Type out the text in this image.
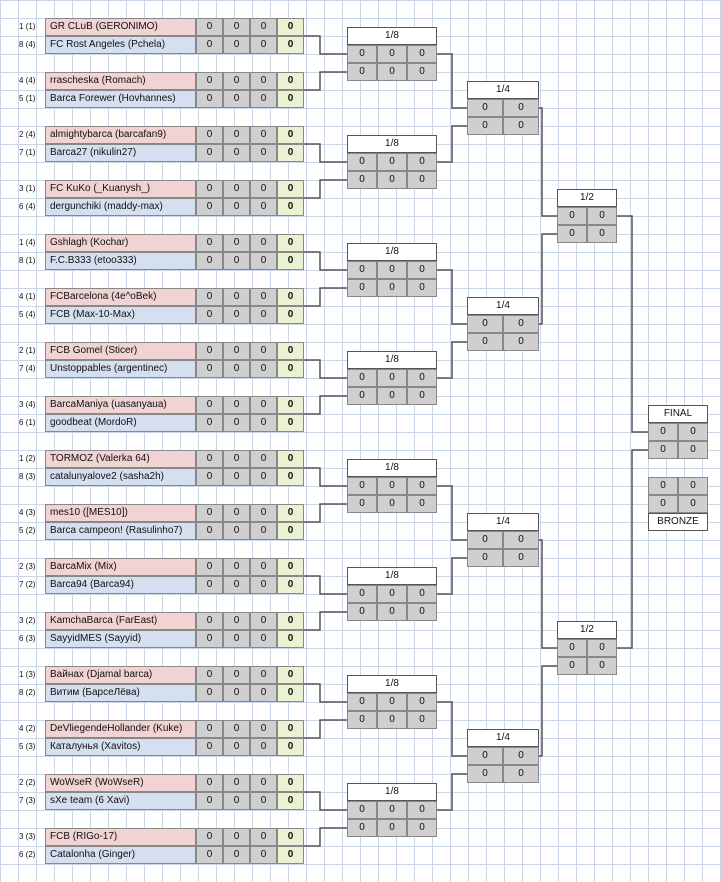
1 (1)	GR CLuB (GERONIMO)	0	0	0	0
8 (4)	FC Rost Angeles (Pchela)	0	0	0	0
4 (4)	rrascheska (Romach)	0	0	0	0
5 (1)	Barca Forewer (Hovhannes)	0	0	0	0
2 (4)	almightybarca (barcafan9)	0	0	0	0
7 (1)	Barca27 (nikulin27)	0	0	0	0
3 (1)	FC KuKo (_Kuanysh_)	0	0	0	0
6 (4)	dergunchiki (maddy-max)	0	0	0	0
1 (4)	Gshlagh (Kochar)	0	0	0	0
8 (1)	F.C.B333 (etoo333)	0	0	0	0
4 (1)	FCBarcelona (4e^oBek)	0	0	0	0
5 (4)	FCB (Max-10-Max)	0	0	0	0
2 (1)	FCB Gomel (Sticer)	0	0	0	0
7 (4)	Unstoppables (argentinec)	0	0	0	0
3 (4)	BarcaManiya (uasanyaua)	0	0	0	0
6 (1)	goodbeat (MordoR)	0	0	0	0
1 (2)	TORMOZ (Valerka 64)	0	0	0	0
8 (3)	catalunyalove2 (sasha2h)	0	0	0	0
4 (3)	mes10 ([MES10])	0	0	0	0
5 (2)	Barca campeon! (Rasulinho7)	0	0	0	0
2 (3)	BarcaMix (Mix)	0	0	0	0
7 (2)	Barca94 (Barca94)	0	0	0	0
3 (2)	KamchaBarca (FarEast)	0	0	0	0
6 (3)	SayyidMES (Sayyid)	0	0	0	0
1 (3)	Вайнах (Djamal barca)	0	0	0	0
8 (2)	Витим (БарсеЛёва)	0	0	0	0
4 (2)	DeVliegendeHollander (Kuke)	0	0	0	0
5 (3)	Каталунья (Xavitos)	0	0	0	0
2 (2)	WoWseR (WoWseR)	0	0	0	0
7 (3)	sXe team (6 Xavi)	0	0	0	0
3 (3)	FCB (RIGo-17)	0	0	0	0
6 (2)	Catalonha (Ginger)	0	0	0	0
1/8
0	0	0
0	0	0
1/8
0	0	0
0	0	0
1/8
0	0	0
0	0	0
1/8
0	0	0
0	0	0
1/8
0	0	0
0	0	0
1/8
0	0	0
0	0	0
1/8
0	0	0
0	0	0
1/8
0	0	0
0	0	0
1/4
0	0
0	0
1/4
0	0
0	0
1/4
0	0
0	0
1/4
0	0
0	0
1/2
0	0
0	0
1/2
0	0
0	0
FINAL
0	0
0	0
0	0
0	0
BRONZE
